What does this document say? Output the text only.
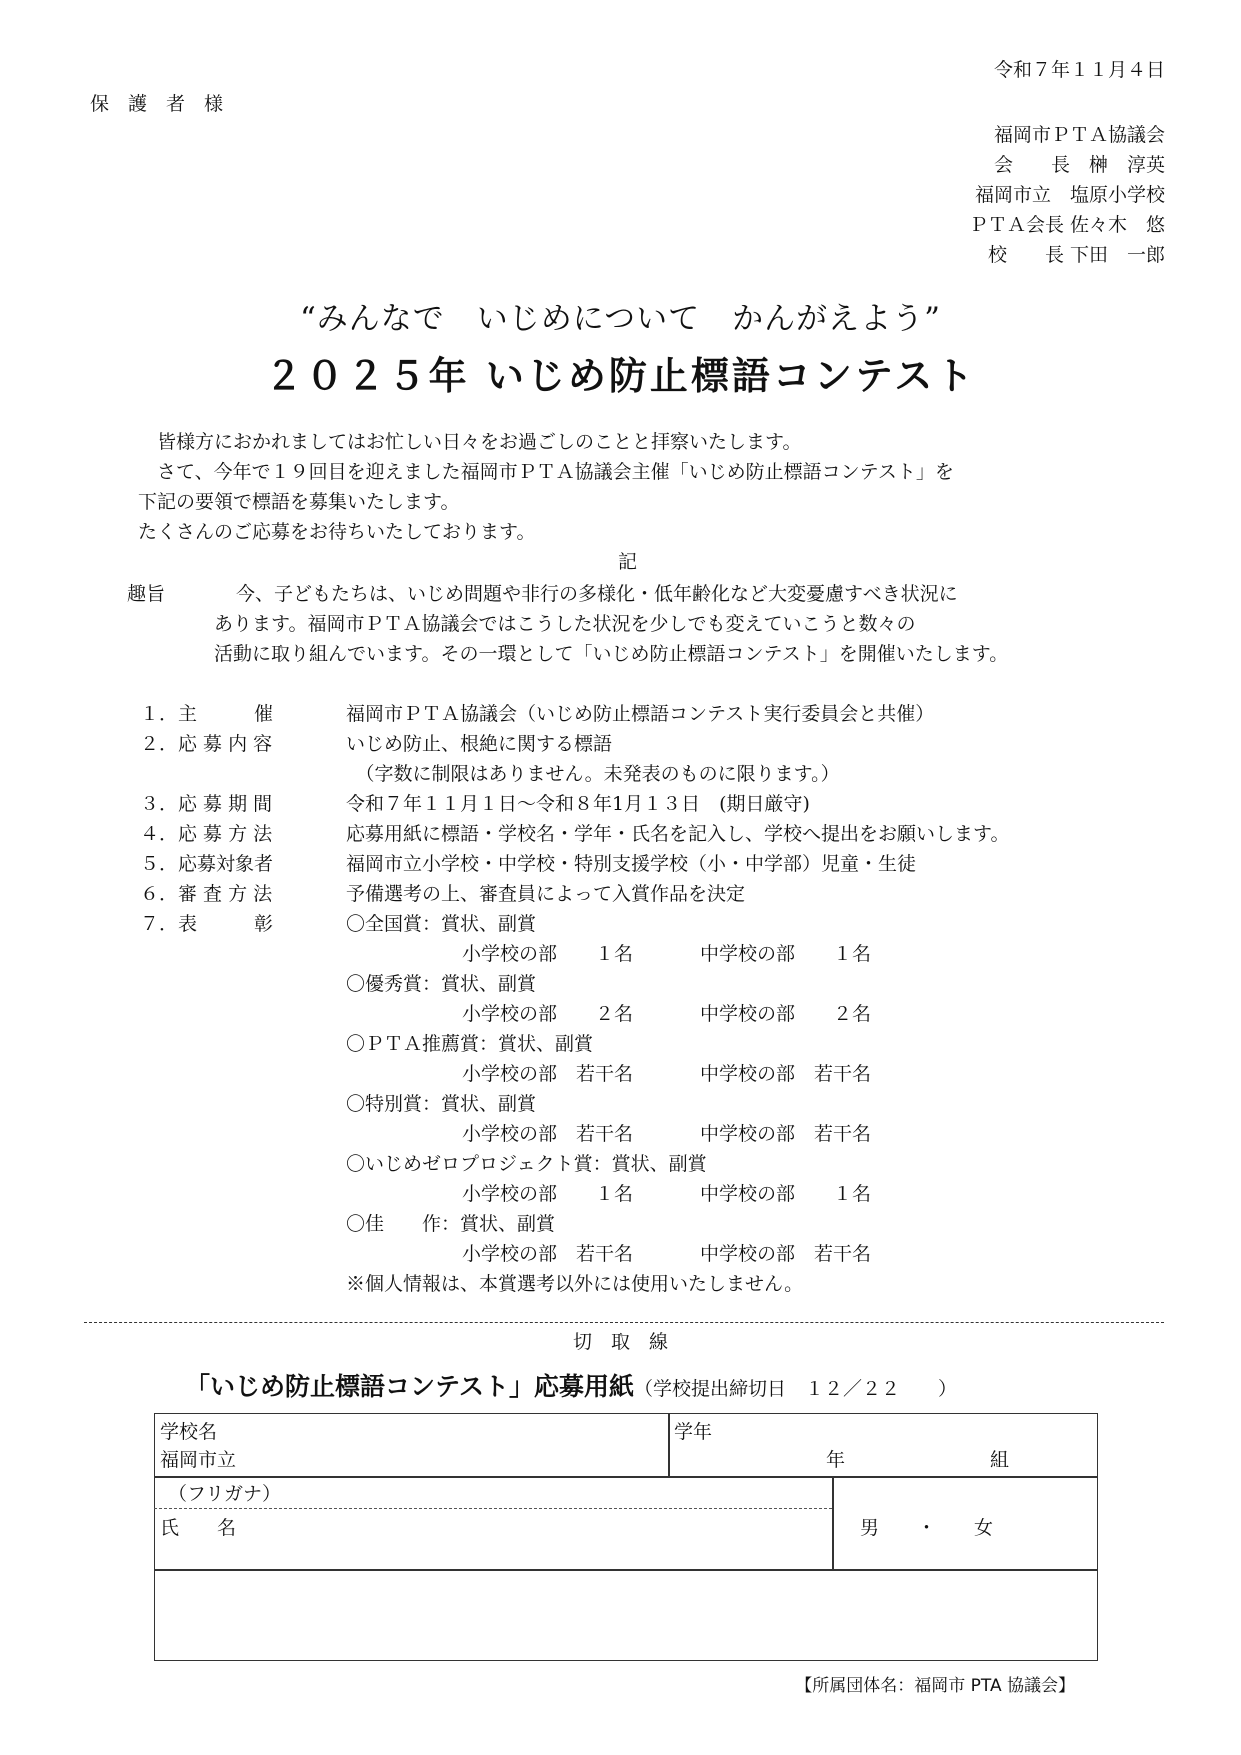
令和７年１１月４日
保　護　者　様
福岡市ＰＴＡ協議会
会　　長　榊　淳英
福岡市立　塩原小学校
ＰＴＡ会長 佐々木　悠
校　　長 下田　一郎
“みんなで　いじめについて　かんがえよう”
２０２５年 いじめ防止標語コンテスト
　皆様方におかれましてはお忙しい日々をお過ごしのことと拝察いたします。
　さて、今年で１９回目を迎えました福岡市ＰＴＡ協議会主催「いじめ防止標語コンテスト」を
下記の要領で標語を募集いたします。
たくさんのご応募をお待ちいたしております。
記
趣旨	今、子どもたちは、いじめ問題や非行の多様化・低年齢化など大変憂慮すべき状況に
あります。福岡市ＰＴＡ協議会ではこうした状況を少しでも変えていこうと数々の
活動に取り組んでいます。その一環として「いじめ防止標語コンテスト」を開催いたします。
１．主　　　催	福岡市ＰＴＡ協議会（いじめ防止標語コンテスト実行委員会と共催）
２．応 募 内 容	いじめ防止、根絶に関する標語
　（字数に制限はありません。未発表のものに限ります。）
３．応 募 期 間	令和７年１１月１日～令和８年1月１３日　(期日厳守)
４．応 募 方 法	応募用紙に標語・学校名・学年・氏名を記入し、学校へ提出をお願いします。
５．応募対象者	福岡市立小学校・中学校・特別支援学校（小・中学部）児童・生徒
６．審 査 方 法	予備選考の上、審査員によって入賞作品を決定
７．表　　　彰	〇全国賞：賞状、副賞
小学校の部　　１名	中学校の部　　１名
〇優秀賞：賞状、副賞
小学校の部　　２名	中学校の部　　２名
〇ＰＴＡ推薦賞：賞状、副賞
小学校の部　若干名	中学校の部　若干名
〇特別賞：賞状、副賞
小学校の部　若干名	中学校の部　若干名
〇いじめゼロプロジェクト賞：賞状、副賞
小学校の部　　１名	中学校の部　　１名
〇佳　　作：賞状、副賞
小学校の部　若干名	中学校の部　若干名
※個人情報は、本賞選考以外には使用いたしません。
切　取　線
「いじめ防止標語コンテスト」応募用紙（学校提出締切日　１２／２２　　）
学校名
福岡市立
学年
年	組
（フリガナ）
氏　　名	男　　・　　女
【所属団体名：福岡市 PTA 協議会】
